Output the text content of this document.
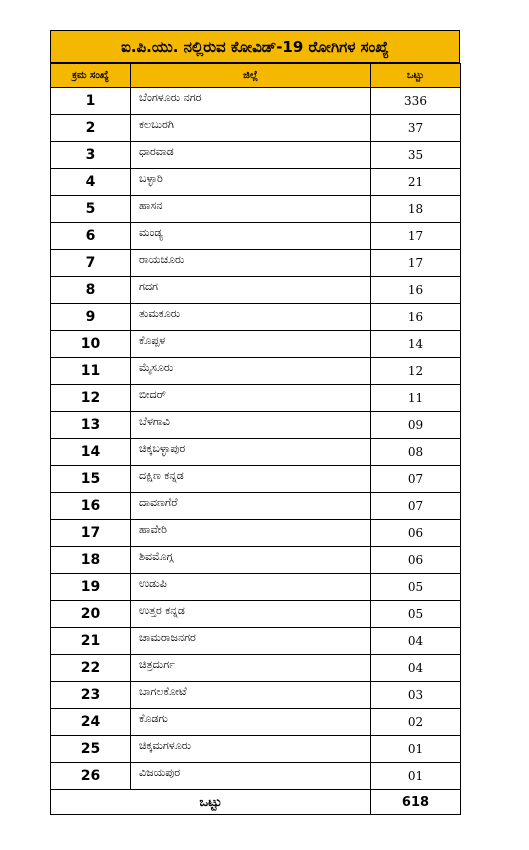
ಐ.ಪಿ.ಯು. ನಲ್ಲಿರುವ ಕೋವಿಡ್-19 ರೋಗಿಗಳ ಸಂಖ್ಯೆ
ಕ್ರಮ ಸಂಖ್ಯೆ	ಜಿಲ್ಲೆ	ಒಟ್ಟು
1	ಬೆಂಗಳೂರು ನಗರ	336
2	ಕಲಬುರಗಿ	37
3	ಧಾರವಾಡ	35
4	ಬಳ್ಳಾರಿ	21
5	ಹಾಸನ	18
6	ಮಂಡ್ಯ	17
7	ರಾಯಚೂರು	17
8	ಗದಗ	16
9	ತುಮಕೂರು	16
10	ಕೊಪ್ಪಳ	14
11	ಮೈಸೂರು	12
12	ಬೀದರ್	11
13	ಬೆಳಗಾವಿ	09
14	ಚಿಕ್ಕಬಳ್ಳಾಪುರ	08
15	ದಕ್ಷಿಣ ಕನ್ನಡ	07
16	ದಾವಣಗೆರೆ	07
17	ಹಾವೇರಿ	06
18	ಶಿವಮೊಗ್ಗ	06
19	ಉಡುಪಿ	05
20	ಉತ್ತರ ಕನ್ನಡ	05
21	ಚಾಮರಾಜನಗರ	04
22	ಚಿತ್ರದುರ್ಗ	04
23	ಬಾಗಲಕೋಟೆ	03
24	ಕೊಡಗು	02
25	ಚಿಕ್ಕಮಗಳೂರು	01
26	ವಿಜಯಪುರ	01
ಒಟ್ಟು		618
